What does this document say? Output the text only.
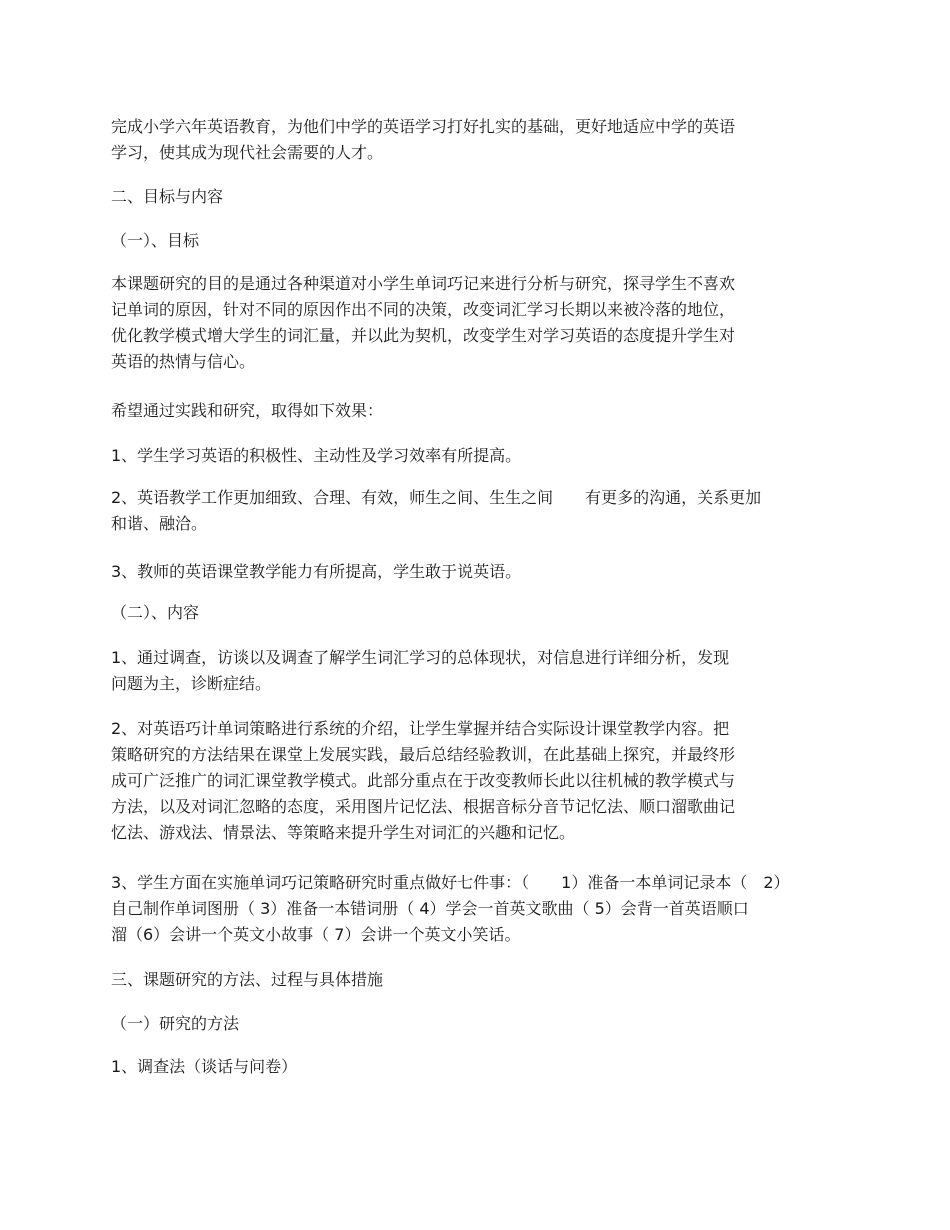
完成小学六年英语教育，为他们中学的英语学习打好扎实的基础，更好地适应中学的英语
学习，使其成为现代社会需要的人才。
二、目标与内容
（一）、目标
本课题研究的目的是通过各种渠道对小学生单词巧记来进行分析与研究，探寻学生不喜欢
记单词的原因，针对不同的原因作出不同的决策，改变词汇学习长期以来被冷落的地位，
优化教学模式增大学生的词汇量，并以此为契机，改变学生对学习英语的态度提升学生对
英语的热情与信心。
希望通过实践和研究，取得如下效果：
1、学生学习英语的积极性、主动性及学习效率有所提高。
2、英语教学工作更加细致、合理、有效，师生之间、生生之间　　有更多的沟通，关系更加
和谐、融洽。
3、教师的英语课堂教学能力有所提高，学生敢于说英语。
（二）、内容
1、通过调查，访谈以及调查了解学生词汇学习的总体现状，对信息进行详细分析，发现
问题为主，诊断症结。
2、对英语巧计单词策略进行系统的介绍，让学生掌握并结合实际设计课堂教学内容。把
策略研究的方法结果在课堂上发展实践，最后总结经验教训，在此基础上探究，并最终形
成可广泛推广的词汇课堂教学模式。此部分重点在于改变教师长此以往机械的教学模式与
方法，以及对词汇忽略的态度，采用图片记忆法、根据音标分音节记忆法、顺口溜歌曲记
忆法、游戏法、情景法、等策略来提升学生对词汇的兴趣和记忆。
3、学生方面在实施单词巧记策略研究时重点做好七件事：（　　1）准备一本单词记录本（　2）
自己制作单词图册（ 3）准备一本错词册（ 4）学会一首英文歌曲（ 5）会背一首英语顺口
溜（6）会讲一个英文小故事（ 7）会讲一个英文小笑话。
三、课题研究的方法、过程与具体措施
（一）研究的方法
1、调查法（谈话与问卷）
